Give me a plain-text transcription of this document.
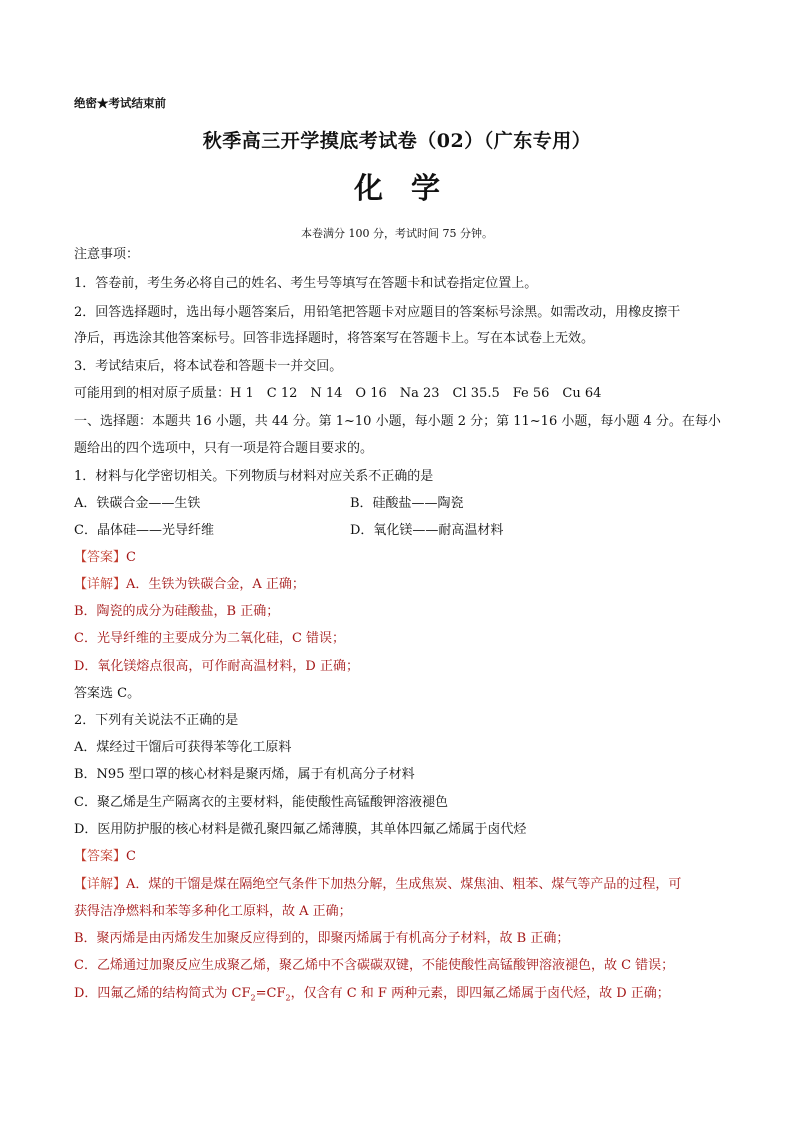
绝密★考试结束前
秋季高三开学摸底考试卷（02）（广东专用）
化 学
本卷满分 100 分，考试时间 75 分钟。
注意事项：
1．答卷前，考生务必将自己的姓名、考生号等填写在答题卡和试卷指定位置上。
2．回答选择题时，选出每小题答案后，用铅笔把答题卡对应题目的答案标号涂黑。如需改动，用橡皮擦干
净后，再选涂其他答案标号。回答非选择题时，将答案写在答题卡上。写在本试卷上无效。
3．考试结束后，将本试卷和答题卡一并交回。
可能用到的相对原子质量：H 1　C 12　N 14　O 16　Na 23　Cl 35.5　Fe 56　Cu 64
一、选择题：本题共 16 小题，共 44 分。第 1~10 小题，每小题 2 分；第 11~16 小题，每小题 4 分。在每小
题给出的四个选项中，只有一项是符合题目要求的。
1．材料与化学密切相关。下列物质与材料对应关系不正确的是
A．铁碳合金——生铁	B．硅酸盐——陶瓷
C．晶体硅——光导纤维	D．氧化镁——耐高温材料
【答案】C
【详解】A．生铁为铁碳合金，A 正确；
B．陶瓷的成分为硅酸盐，B 正确；
C．光导纤维的主要成分为二氧化硅，C 错误；
D．氧化镁熔点很高，可作耐高温材料，D 正确；
答案选 C。
2．下列有关说法不正确的是
A．煤经过干馏后可获得苯等化工原料
B．N95 型口罩的核心材料是聚丙烯，属于有机高分子材料
C．聚乙烯是生产隔离衣的主要材料，能使酸性高锰酸钾溶液褪色
D．医用防护服的核心材料是微孔聚四氟乙烯薄膜，其单体四氟乙烯属于卤代烃
【答案】C
【详解】A．煤的干馏是煤在隔绝空气条件下加热分解，生成焦炭、煤焦油、粗苯、煤气等产品的过程，可
获得洁净燃料和苯等多种化工原料，故 A 正确；
B．聚丙烯是由丙烯发生加聚反应得到的，即聚丙烯属于有机高分子材料，故 B 正确；
C．乙烯通过加聚反应生成聚乙烯，聚乙烯中不含碳碳双键，不能使酸性高锰酸钾溶液褪色，故 C 错误；
D．四氟乙烯的结构简式为 $CF_2=CF_2$，仅含有 C 和 F 两种元素，即四氟乙烯属于卤代烃，故 D 正确；
